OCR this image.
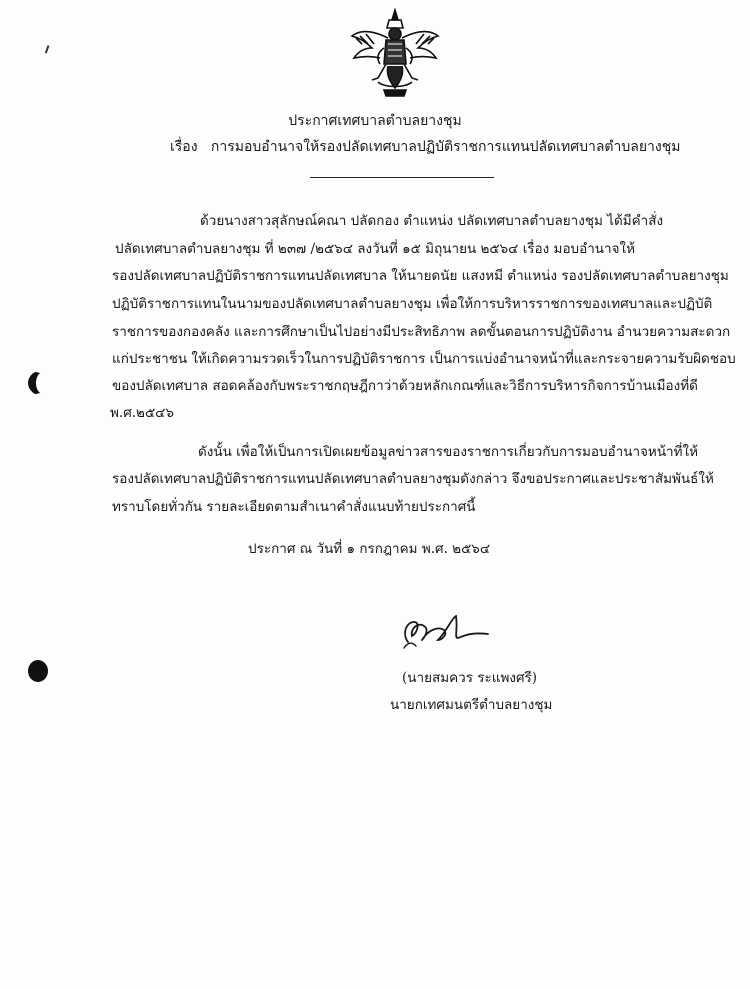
ประกาศเทศบาลตำบลยางชุม
เรื่อง การมอบอำนาจให้รองปลัดเทศบาลปฏิบัติราชการแทนปลัดเทศบาลตำบลยางชุม
ด้วยนางสาวสุลักษณ์คณา ปลัดกอง ตำแหน่ง ปลัดเทศบาลตำบลยางชุม ได้มีคำสั่ง
ปลัดเทศบาลตำบลยางชุม ที่ ๒๓๗ /๒๕๖๔ ลงวันที่ ๑๕ มิถุนายน ๒๕๖๔ เรื่อง มอบอำนาจให้
รองปลัดเทศบาลปฏิบัติราชการแทนปลัดเทศบาล ให้นายดนัย แสงหมี ตำแหน่ง รองปลัดเทศบาลตำบลยางชุม
ปฏิบัติราชการแทนในนามของปลัดเทศบาลตำบลยางชุม เพื่อให้การบริหารราชการของเทศบาลและปฏิบัติ
ราชการของกองคลัง และการศึกษาเป็นไปอย่างมีประสิทธิภาพ ลดขั้นตอนการปฏิบัติงาน อำนวยความสะดวก
แก่ประชาชน ให้เกิดความรวดเร็วในการปฏิบัติราชการ เป็นการแบ่งอำนาจหน้าที่และกระจายความรับผิดชอบ
ของปลัดเทศบาล สอดคล้องกับพระราชกฤษฎีกาว่าด้วยหลักเกณฑ์และวิธีการบริหารกิจการบ้านเมืองที่ดี
พ.ศ.๒๕๔๖
ดังนั้น เพื่อให้เป็นการเปิดเผยข้อมูลข่าวสารของราชการเกี่ยวกับการมอบอำนาจหน้าที่ให้
รองปลัดเทศบาลปฏิบัติราชการแทนปลัดเทศบาลตำบลยางชุมดังกล่าว จึงขอประกาศและประชาสัมพันธ์ให้
ทราบโดยทั่วกัน รายละเอียดตามสำเนาคำสั่งแนบท้ายประกาศนี้
ประกาศ ณ วันที่ ๑ กรกฎาคม พ.ศ. ๒๕๖๔
(นายสมควร ระแพงศรี)
นายกเทศมนตรีตำบลยางชุม
